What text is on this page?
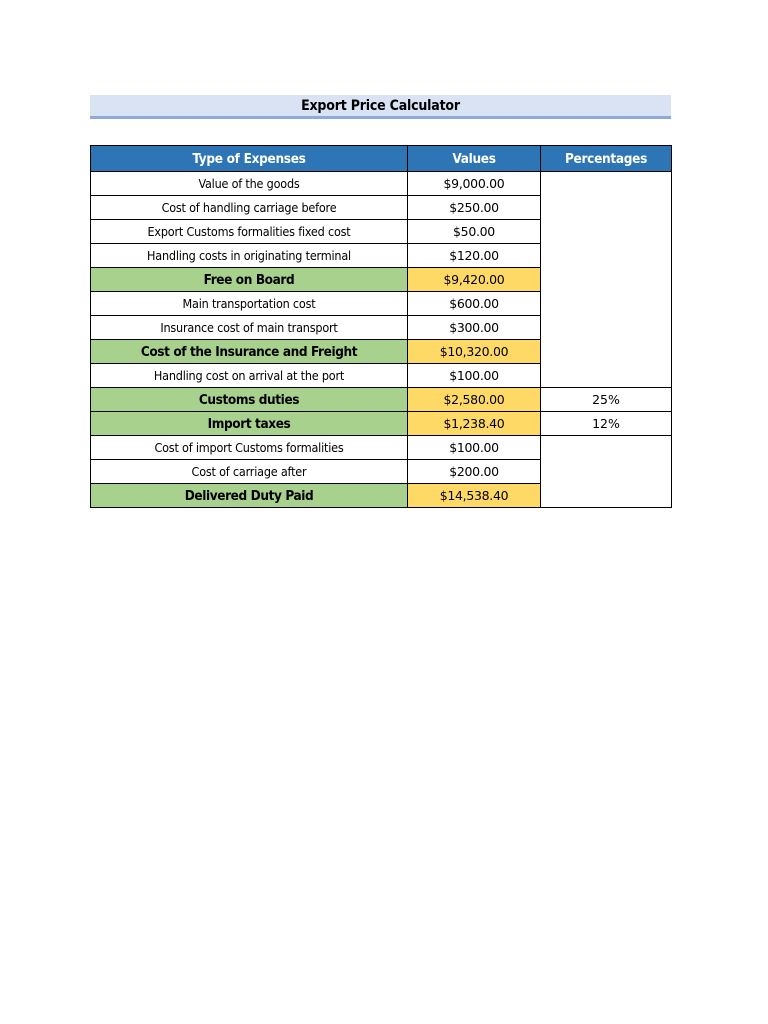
Export Price Calculator
Type of Expenses	Values	Percentages
Value of the goods	$9,000.00	
Cost of handling carriage before	$250.00	
Export Customs formalities fixed cost	$50.00	
Handling costs in originating terminal	$120.00	
Free on Board	$9,420.00	
Main transportation cost	$600.00	
Insurance cost of main transport	$300.00	
Cost of the Insurance and Freight	$10,320.00	
Handling cost on arrival at the port	$100.00	
Customs duties	$2,580.00	25%
Import taxes	$1,238.40	12%
Cost of import Customs formalities	$100.00	
Cost of carriage after	$200.00	
Delivered Duty Paid	$14,538.40	
